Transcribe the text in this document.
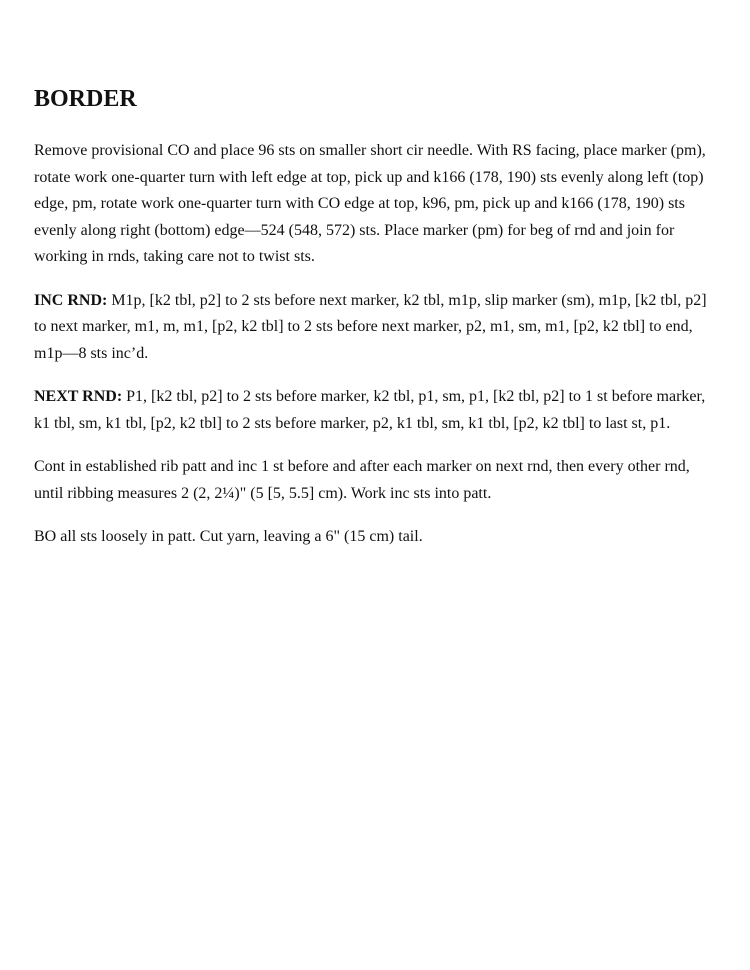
BORDER

Remove provisional CO and place 96 sts on smaller short cir needle. With RS facing, place marker (pm), rotate work one-quarter turn with left edge at top, pick up and k166 (178, 190) sts evenly along left (top) edge, pm, rotate work one-quarter turn with CO edge at top, k96, pm, pick up and k166 (178, 190) sts evenly along right (bottom) edge—524 (548, 572) sts. Place marker (pm) for beg of rnd and join for working in rnds, taking care not to twist sts.

INC RND: M1p, [k2 tbl, p2] to 2 sts before next marker, k2 tbl, m1p, slip marker (sm), m1p, [k2 tbl, p2] to next marker, m1, m, m1, [p2, k2 tbl] to 2 sts before next marker, p2, m1, sm, m1, [p2, k2 tbl] to end, m1p—8 sts inc’d.

NEXT RND: P1, [k2 tbl, p2] to 2 sts before marker, k2 tbl, p1, sm, p1, [k2 tbl, p2] to 1 st before marker, k1 tbl, sm, k1 tbl, [p2, k2 tbl] to 2 sts before marker, p2, k1 tbl, sm, k1 tbl, [p2, k2 tbl] to last st, p1.

Cont in established rib patt and inc 1 st before and after each marker on next rnd, then every other rnd, until ribbing measures 2 (2, 2¼)" (5 [5, 5.5] cm). Work inc sts into patt.

BO all sts loosely in patt. Cut yarn, leaving a 6" (15 cm) tail.
